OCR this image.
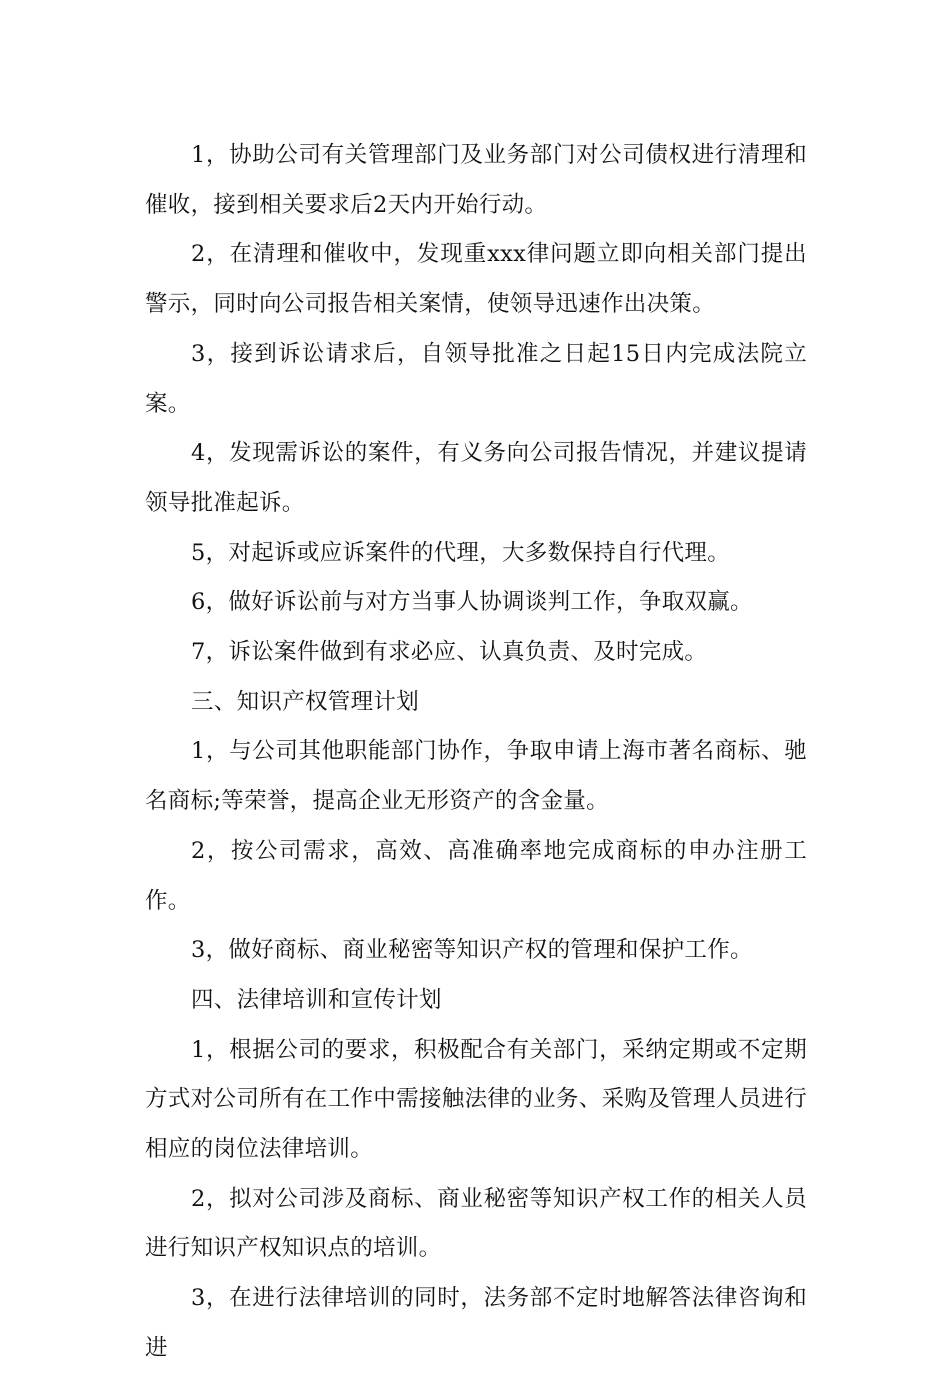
1，协助公司有关管理部门及业务部门对公司债权进行清理和催收，接到相关要求后2天内开始行动。

2，在清理和催收中，发现重xxx律问题立即向相关部门提出警示，同时向公司报告相关案情，使领导迅速作出决策。

3，接到诉讼请求后，自领导批准之日起15日内完成法院立案。

4，发现需诉讼的案件，有义务向公司报告情况，并建议提请领导批准起诉。

5，对起诉或应诉案件的代理，大多数保持自行代理。

6，做好诉讼前与对方当事人协调谈判工作，争取双赢。

7，诉讼案件做到有求必应、认真负责、及时完成。

三、知识产权管理计划

1，与公司其他职能部门协作，争取申请上海市著名商标、驰名商标;等荣誉，提高企业无形资产的含金量。

2，按公司需求，高效、高准确率地完成商标的申办注册工作。

3，做好商标、商业秘密等知识产权的管理和保护工作。

四、法律培训和宣传计划

1，根据公司的要求，积极配合有关部门，采纳定期或不定期方式对公司所有在工作中需接触法律的业务、采购及管理人员进行相应的岗位法律培训。

2，拟对公司涉及商标、商业秘密等知识产权工作的相关人员进行知识产权知识点的培训。

3，在进行法律培训的同时，法务部不定时地解答法律咨询和进
